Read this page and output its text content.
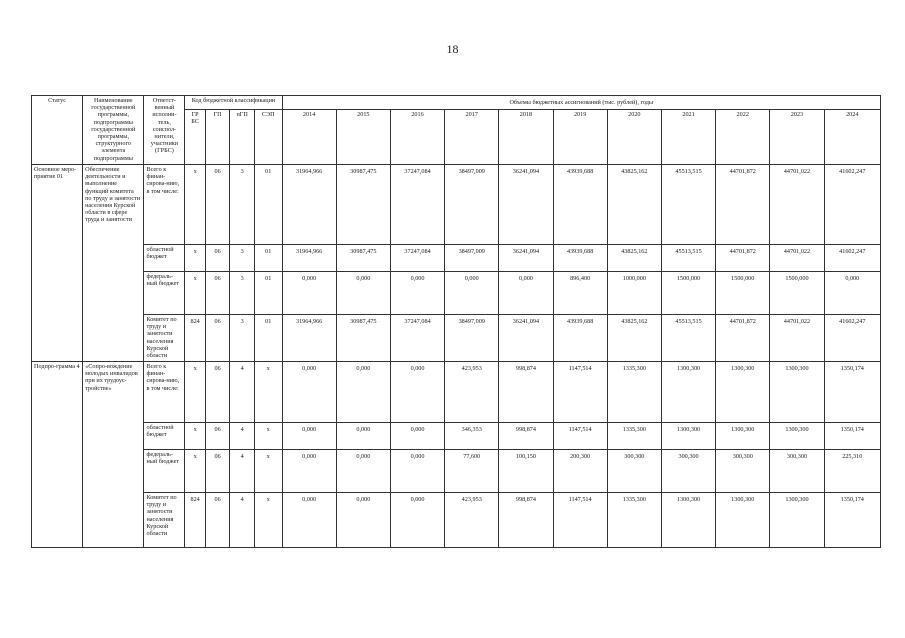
18
Статус	Наименование государственной программы, подпрограммы государственной программы, структурного элемента подпрограммы	Ответст-венный исполни-тель, соиспол-нители, участники (ГРБС)	Код бюджетной классификации				Объемы бюджетных ассигнований (тыс. рублей), годы										
			ГР БС	ГП	пГП	СЭП	2014	2015	2016	2017	2018	2019	2020	2021	2022	2023	2024
Основное меро-приятие 01	Обеспечение деятельности и выполнение функций комитета по труду и занятости населения Курской области в сфере труда и занятости	Всего к финан-сирова-нию, в том числе:	х	06	3	01	31964,966	30987,475	37247,084	38497,009	36241,094	43939,688	43825,162	45513,515	44701,872	44701,022	41602,247
		областной бюджет	х	06	3	01	31964,966	30987,475	37247,084	38497,009	36241,094	43939,688	43825,162	45513,515	44701,872	44701,022	41602,247
		федераль-ный бюджет	х	06	3	01	0,000	0,000	0,000	0,000	0,000	896,400	1000,000	1500,000	1500,000	1500,000	0,000
		Комитет по труду и занятости населения Курской области	824	06	3	01	31964,966	30987,475	37247,084	38497,009	36241,094	43939,688	43825,162	45513,515	44701,872	44701,022	41602,247
Подпро-грамма 4	«Сопро-вождение молодых инвалидов при их трудоус-тройстве»	Всего к финан-сирова-нию, в том числе:	х	06	4	х	0,000	0,000	0,000	423,953	998,874	1147,514	1335,300	1300,300	1300,300	1300,300	1350,174
		областной бюджет	х	06	4	х	0,000	0,000	0,000	346,353	998,874	1147,514	1335,300	1300,300	1300,300	1300,300	1350,174
		федераль-ный бюджет	х	06	4	х	0,000	0,000	0,000	77,600	100,150	200,300	300,300	300,300	300,300	300,300	225,310
		Комитет по труду и занятости населения Курской области	824	06	4	х	0,000	0,000	0,000	423,953	998,874	1147,514	1335,300	1300,300	1300,300	1300,300	1350,174
